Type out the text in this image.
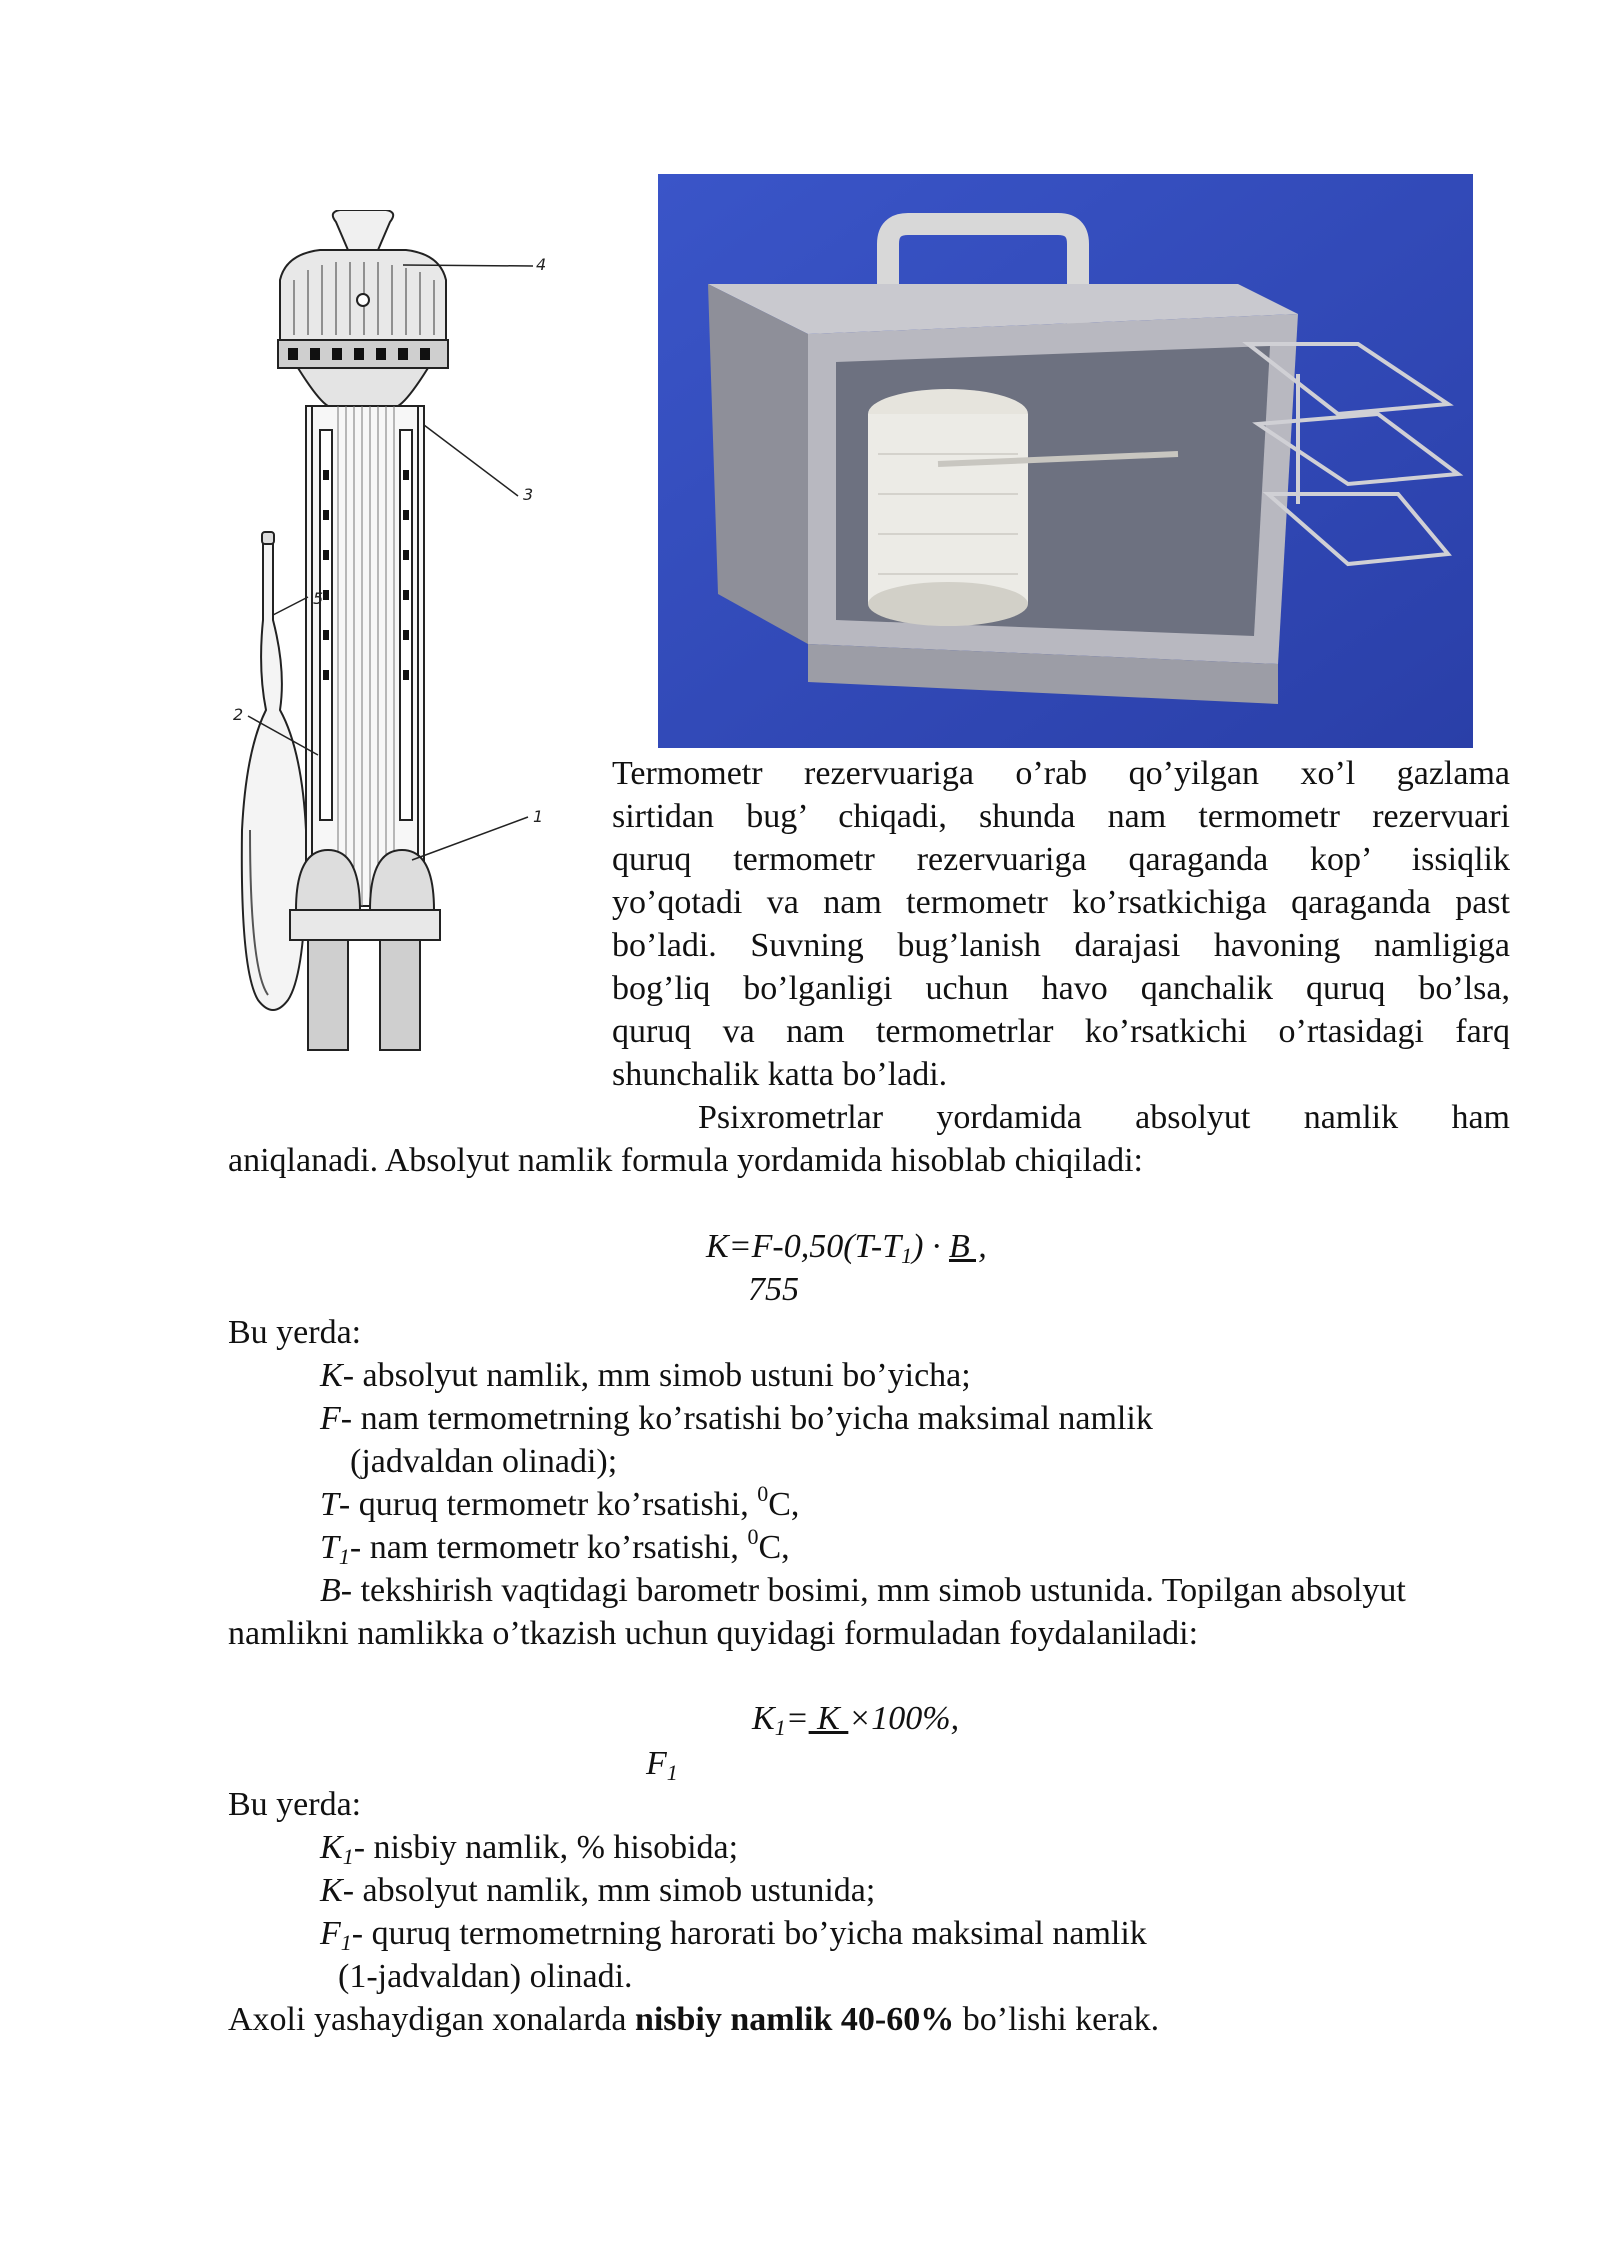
4
3
5
2
1
Termometr rezervuariga o’rab qo’yilgan xo’l gazlama
sirtidan bug’ chiqadi, shunda nam termometr rezervuari
quruq termometr rezervuariga qaraganda kop’ issiqlik
yo’qotadi va nam termometr ko’rsatkichiga qaraganda past
bo’ladi. Suvning bug’lanish darajasi havoning namligiga
bog’liq bo’lganligi uchun havo qanchalik quruq bo’lsa,
quruq va nam termometrlar ko’rsatkichi o’rtasidagi farq
shunchalik katta bo’ladi.
Psixrometrlar yordamida absolyut namlik ham
aniqlanadi. Absolyut namlik formula yordamida hisoblab chiqiladi:
$K=F-0,50(T-T_1) \cdot B$ ,
755
Bu yerda:
K- absolyut namlik, mm simob ustuni bo’yicha;
F- nam termometrning ko’rsatishi bo’yicha maksimal namlik
(jadvaldan olinadi);
T- quruq termometr ko’rsatishi, $^0$C,
$T_1-$ nam termometr ko’rsatishi, $^0$C,
B- tekshirish vaqtidagi barometr bosimi, mm simob ustunida. Topilgan absolyut
namlikni namlikka o’tkazish uchun quyidagi formuladan foydalaniladi:
$K_1= K \times 100\%$,
$F_1$
Bu yerda:
$K_1-$ nisbiy namlik, % hisobida;
K- absolyut namlik, mm simob ustunida;
$F_1-$ quruq termometrning harorati bo’yicha maksimal namlik
(1-jadvaldan) olinadi.
Axoli yashaydigan xonalarda nisbiy namlik 40-60% bo’lishi kerak.
